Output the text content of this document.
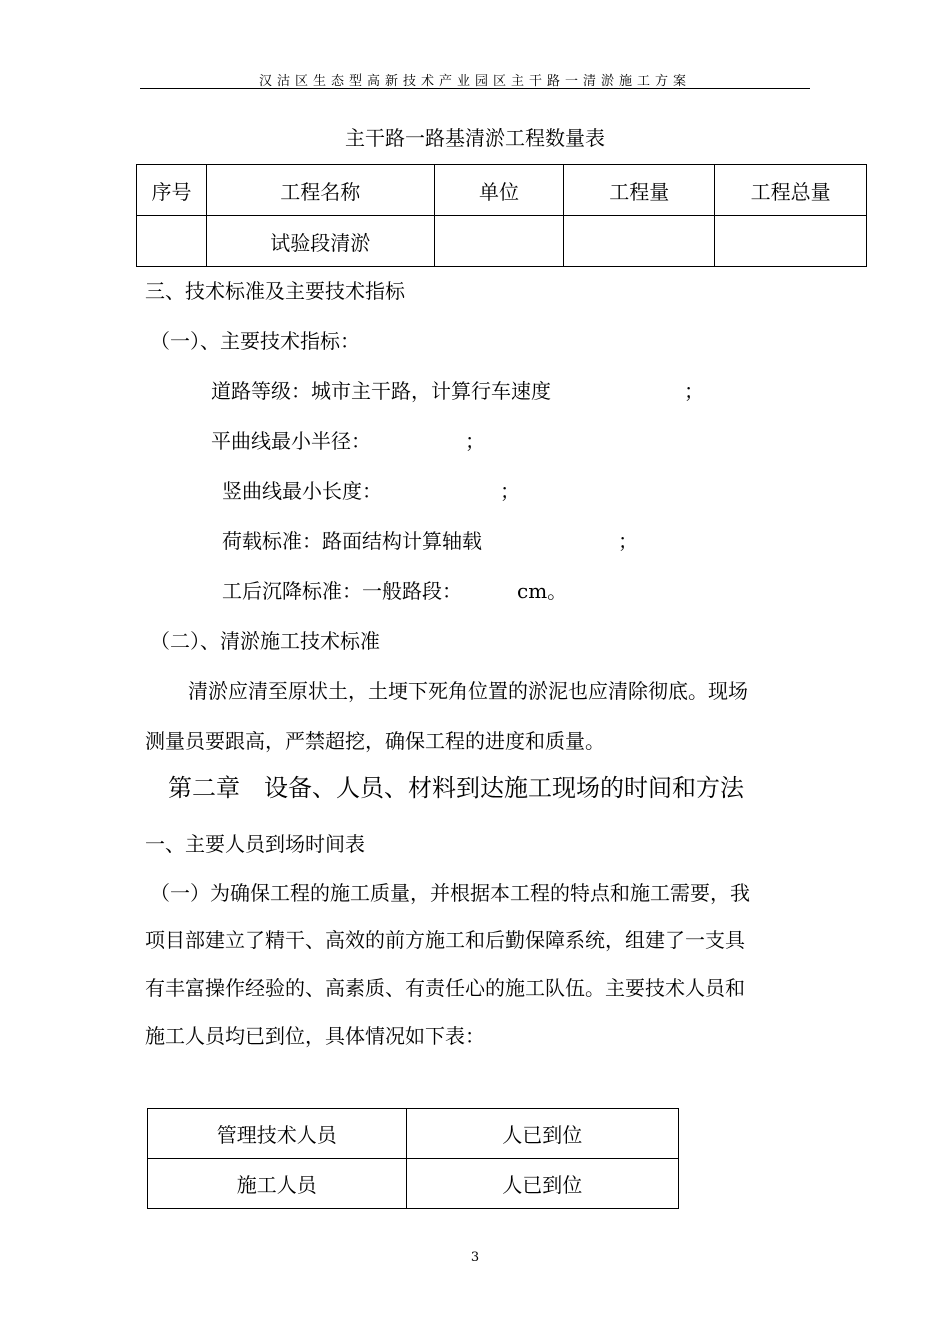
汉沽区生态型高新技术产业园区主干路一清淤施工方案
主干路一路基清淤工程数量表
序号	工程名称	单位	工程量	工程总量
	试验段清淤			
三、技术标准及主要技术指标
（一）、主要技术指标：
道路等级：城市主干路，计算行车速度	；
平曲线最小半径：	；
竖曲线最小长度：	；
荷载标准：路面结构计算轴载	；
工后沉降标准：一般路段：	cm。
（二）、清淤施工技术标准
清淤应清至原状土，土埂下死角位置的淤泥也应清除彻底。现场
测量员要跟高，严禁超挖，确保工程的进度和质量。
第二章　设备、人员、材料到达施工现场的时间和方法
一、主要人员到场时间表
（一）为确保工程的施工质量，并根据本工程的特点和施工需要，我
项目部建立了精干、高效的前方施工和后勤保障系统，组建了一支具
有丰富操作经验的、高素质、有责任心的施工队伍。主要技术人员和
施工人员均已到位，具体情况如下表：
管理技术人员	人已到位
施工人员	人已到位
3
